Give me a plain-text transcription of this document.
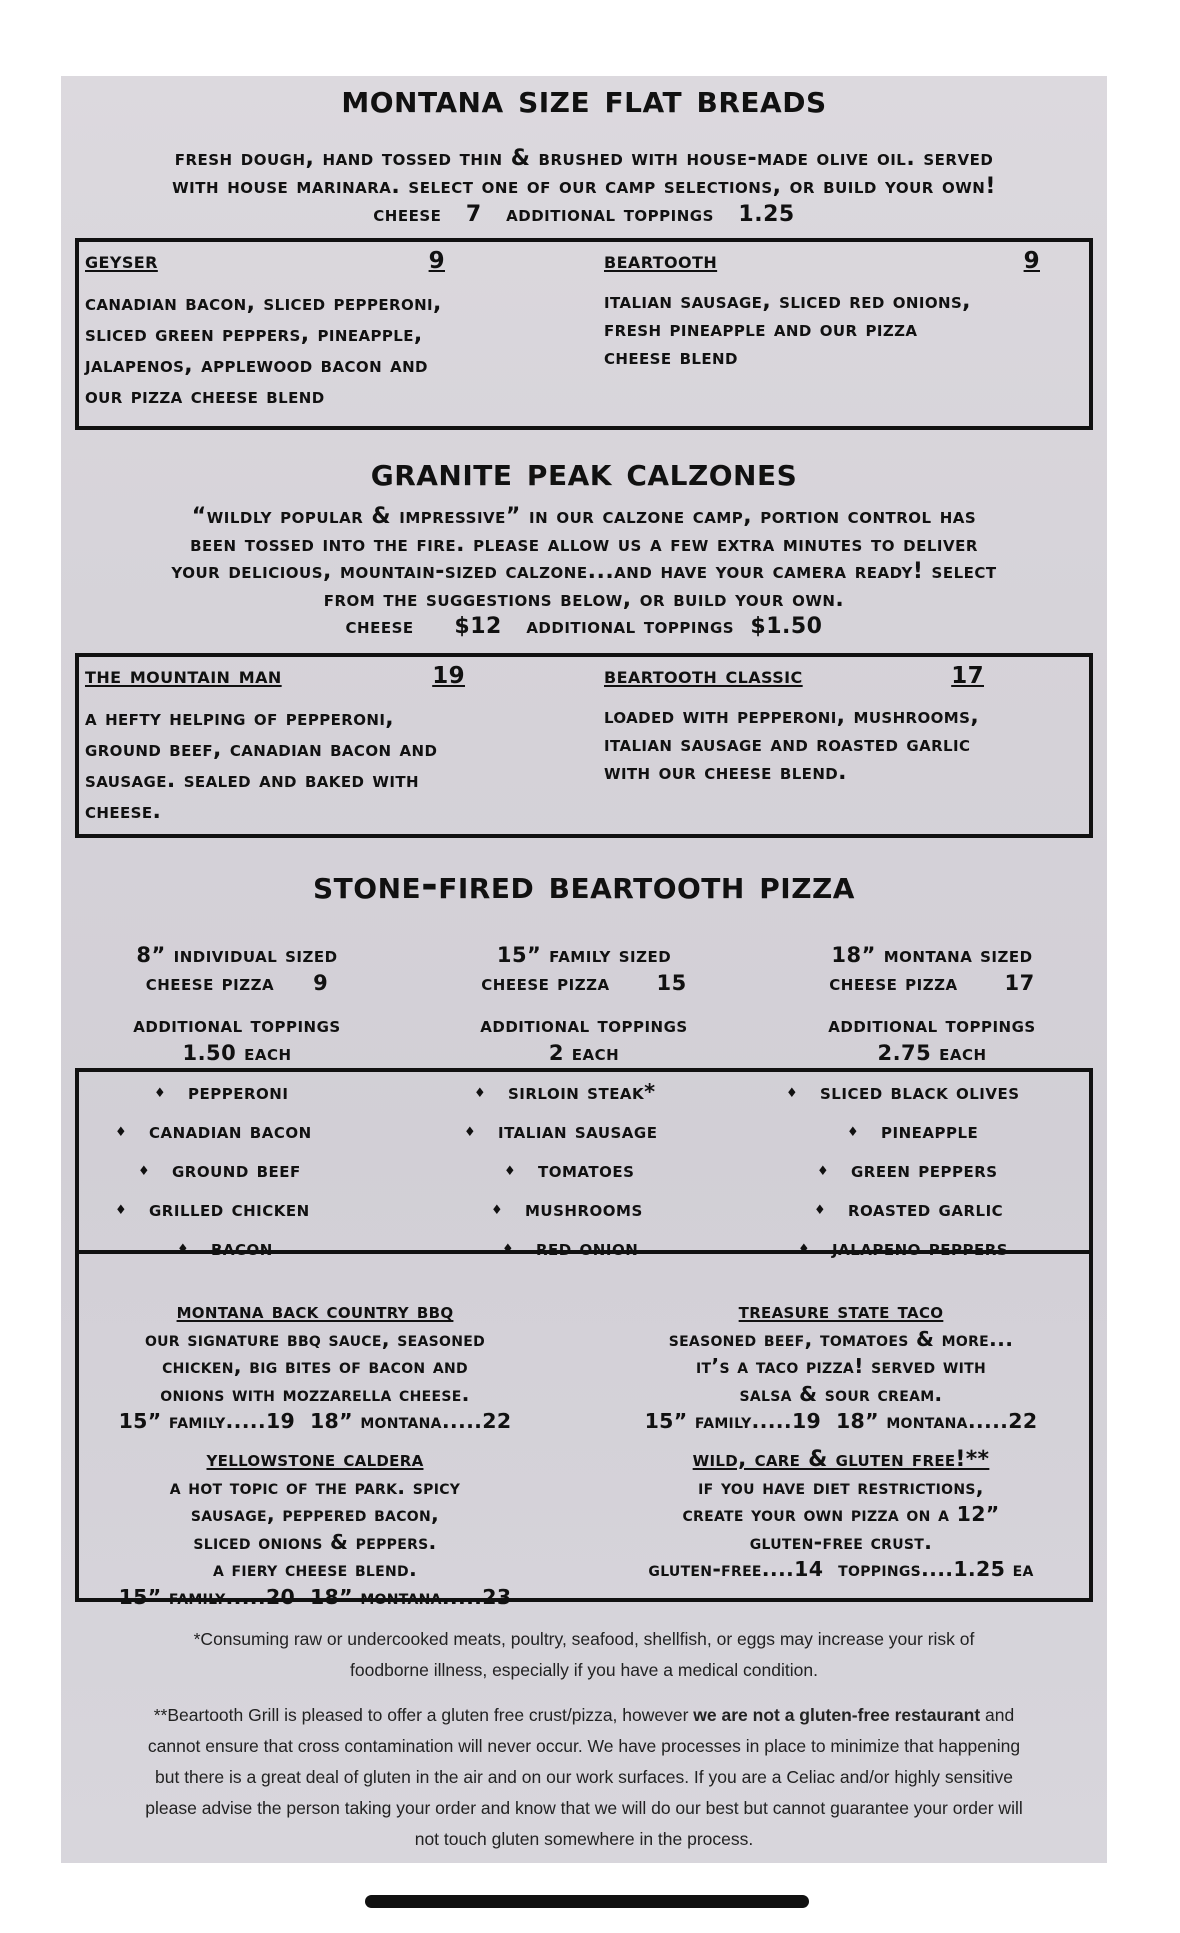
montana size flat breads
fresh dough, hand tossed thin & brushed with house-made olive oil. served
with house marinara. select one of our camp selections, or build your own!
cheese   7   additional toppings   1.25
geyser	9
canadian bacon, sliced pepperoni,
sliced green peppers, pineapple,
jalapenos, applewood bacon and
our pizza cheese blend
beartooth	9
italian sausage, sliced red onions,
fresh pineapple and our pizza
cheese blend
granite peak calzones
“wildly popular & impressive” in our calzone camp, portion control has
been tossed into the fire. please allow us a few extra minutes to deliver
your delicious, mountain-sized calzone...and have your camera ready! select
from the suggestions below, or build your own.
cheese     $12   additional toppings  $1.50
the mountain man	19
a hefty helping of pepperoni,
ground beef, canadian bacon and
sausage. sealed and baked with
cheese.
beartooth classic	17
loaded with pepperoni, mushrooms,
italian sausage and roasted garlic
with our cheese blend.
stone-fired beartooth pizza
8” individual sized
cheese pizza     9
additional toppings
1.50 each
15” family sized
cheese pizza      15
additional toppings
2 each
18” montana sized
cheese pizza      17
additional toppings
2.75 each
♦ pepperoni
♦ canadian bacon
♦ ground beef
♦ grilled chicken
♦ bacon
♦ sirloin steak*
♦ italian sausage
♦ tomatoes
♦ mushrooms
♦ red onion
♦ sliced black olives
♦ pineapple
♦ green peppers
♦ roasted garlic
♦ jalapeno peppers
montana back country bbq
our signature bbq sauce, seasoned
chicken, big bites of bacon and
onions with mozzarella cheese.
15” family.....19  18” montana.....22
treasure state taco
seasoned beef, tomatoes & more...
it’s a taco pizza! served with
salsa & sour cream.
15” family.....19  18” montana.....22
yellowstone caldera
a hot topic of the park. spicy
sausage, peppered bacon,
sliced onions & peppers.
a fiery cheese blend.
15” family.....20  18” montana.....23
wild, care & gluten free!**
if you have diet restrictions,
create your own pizza on a 12”
gluten-free crust.
gluten-free....14  toppings....1.25 ea
*Consuming raw or undercooked meats, poultry, seafood, shellfish, or eggs may increase your risk of
foodborne illness, especially if you have a medical condition.
**Beartooth Grill is pleased to offer a gluten free crust/pizza, however we are not a gluten-free restaurant and
cannot ensure that cross contamination will never occur. We have processes in place to minimize that happening
but there is a great deal of gluten in the air and on our work surfaces. If you are a Celiac and/or highly sensitive
please advise the person taking your order and know that we will do our best but cannot guarantee your order will
not touch gluten somewhere in the process.
